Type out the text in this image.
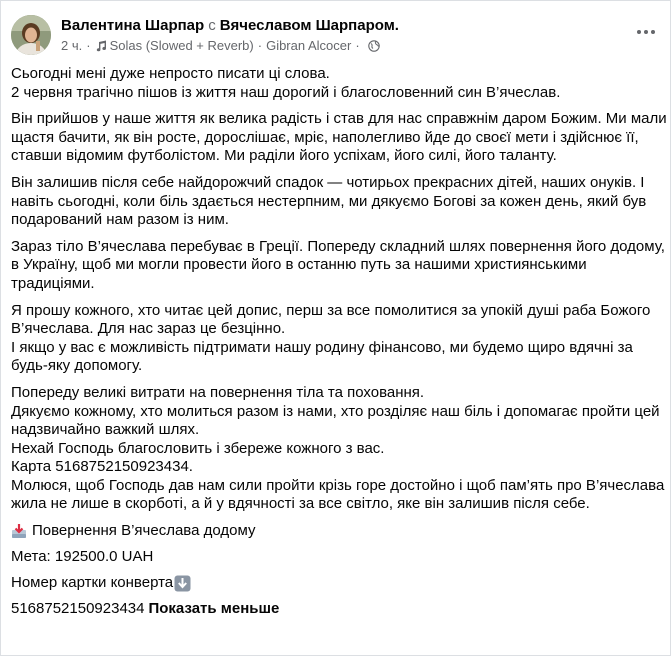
Валентина Шарпар с Вячеславом Шарпаром.
2 ч. · Solas (Slowed + Reverb) · Gibran Alcocer ·
Сьогодні мені дуже непросто писати ці слова.
2 червня трагічно пішов із життя наш дорогий і благословенний син В’ячеслав.
Він прийшов у наше життя як велика радість і став для нас справжнім даром Божим. Ми мали
щастя бачити, як він росте, дорослішає, мріє, наполегливо йде до своєї мети і здійснює її,
ставши відомим футболістом. Ми раділи його успіхам, його силі, його таланту.
Він залишив після себе найдорожчий спадок — чотирьох прекрасних дітей, наших онуків. І
навіть сьогодні, коли біль здається нестерпним, ми дякуємо Богові за кожен день, який був
подарований нам разом із ним.
Зараз тіло В’ячеслава перебуває в Греції. Попереду складний шлях повернення його додому,
в Україну, щоб ми могли провести його в останню путь за нашими християнськими
традиціями.
Я прошу кожного, хто читає цей допис, перш за все помолитися за упокій душі раба Божого
В’ячеслава. Для нас зараз це безцінно.
І якщо у вас є можливість підтримати нашу родину фінансово, ми будемо щиро вдячні за
будь-яку допомогу.
Попереду великі витрати на повернення тіла та поховання.
Дякуємо кожному, хто молиться разом із нами, хто розділяє наш біль і допомагає пройти цей
надзвичайно важкий шлях.
Нехай Господь благословить і збереже кожного з вас.
Карта 5168752150923434.
Молюся, щоб Господь дав нам сили пройти крізь горе достойно і щоб пам’ять про В’ячеслава
жила не лише в скорботі, а й у вдячності за все світло, яке він залишив після себе.
Повернення В’ячеслава додому
Мета: 192500.0 UAH
Номер картки конверта
5168752150923434 Показать меньше
